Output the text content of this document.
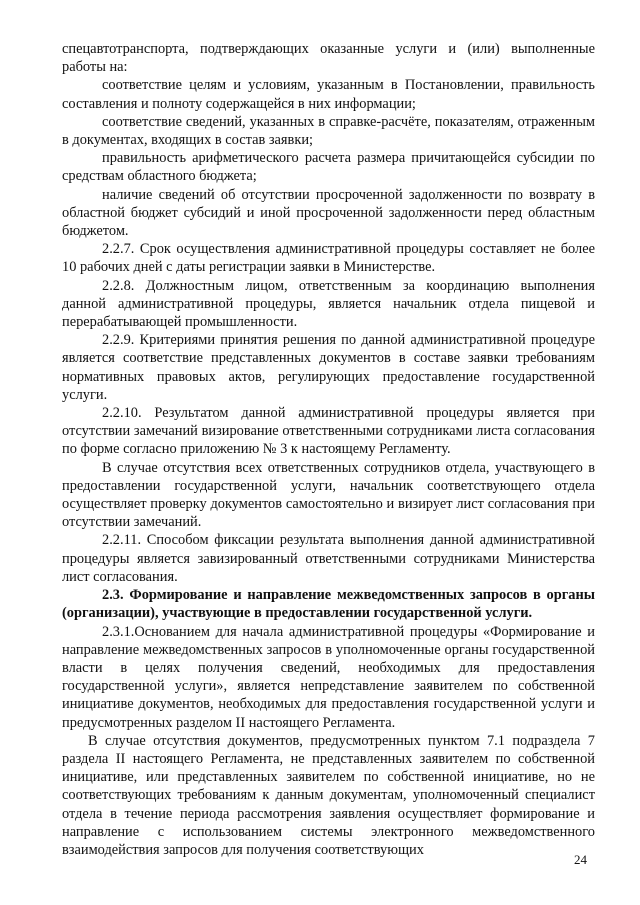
спецавтотранспорта, подтверждающих оказанные услуги и (или) выполненные работы на:

соответствие целям и условиям, указанным в Постановлении, правильность составления и полноту содержащейся в них информации;

соответствие сведений, указанных в справке-расчёте, показателям, отраженным в документах, входящих в состав заявки;

правильность арифметического расчета размера причитающейся субсидии по средствам областного бюджета;

наличие сведений об отсутствии просроченной задолженности по возврату в областной бюджет субсидий и иной просроченной задолженности перед областным бюджетом.

2.2.7. Срок осуществления административной процедуры составляет не более 10 рабочих дней с даты регистрации заявки в Министерстве.

2.2.8. Должностным лицом, ответственным за координацию выполнения данной административной процедуры, является начальник отдела пищевой и перерабатывающей промышленности.

2.2.9. Критериями принятия решения по данной административной процедуре является соответствие представленных документов в составе заявки требованиям нормативных правовых актов, регулирующих предоставление государственной услуги.

2.2.10. Результатом данной административной процедуры является при отсутствии замечаний визирование ответственными сотрудниками листа согласования по форме согласно приложению № 3 к настоящему Регламенту.

В случае отсутствия всех ответственных сотрудников отдела, участвующего в предоставлении государственной услуги, начальник соответствующего отдела осуществляет проверку документов самостоятельно и визирует лист согласования при отсутствии замечаний.

2.2.11. Способом фиксации результата выполнения данной административной процедуры является завизированный ответственными сотрудниками Министерства лист согласования.

2.3. Формирование и направление межведомственных запросов в органы (организации), участвующие в предоставлении государственной услуги.

2.3.1.Основанием для начала административной процедуры «Формирование и направление межведомственных запросов в уполномоченные органы государственной власти в целях получения сведений, необходимых для предоставления государственной услуги», является непредставление заявителем по собственной инициативе документов, необходимых для предоставления государственной услуги и предусмотренных разделом II настоящего Регламента.

В случае отсутствия документов, предусмотренных пунктом 7.1 подраздела 7 раздела II настоящего Регламента, не представленных заявителем по собственной инициативе, или представленных заявителем по собственной инициативе, но не соответствующих требованиям к данным документам, уполномоченный специалист отдела в течение периода рассмотрения заявления осуществляет формирование и направление с использованием системы электронного межведомственного взаимодействия запросов для получения соответствующих

24
